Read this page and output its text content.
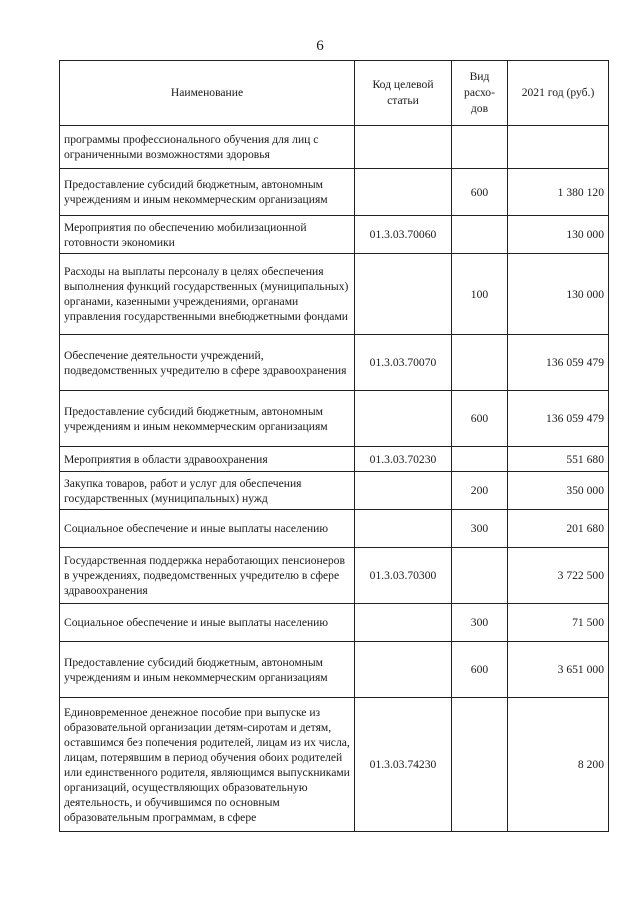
6
Наименование	Код целевой статьи	Вид расхо-дов	2021 год (руб.)
программы профессионального обучения для лиц с ограниченными возможностями здоровья			
Предоставление субсидий бюджетным, автономным учреждениям и иным некоммерческим организациям		600	1 380 120
Мероприятия по обеспечению мобилизационной готовности экономики	01.3.03.70060		130 000
Расходы на выплаты персоналу в целях обеспечения выполнения функций государственных (муниципальных) органами, казенными учреждениями, органами управления государственными внебюджетными фондами		100	130 000
Обеспечение деятельности учреждений, подведомственных учредителю в сфере здравоохранения	01.3.03.70070		136 059 479
Предоставление субсидий бюджетным, автономным учреждениям и иным некоммерческим организациям		600	136 059 479
Мероприятия в области здравоохранения	01.3.03.70230		551 680
Закупка товаров, работ и услуг для обеспечения государственных (муниципальных) нужд		200	350 000
Социальное обеспечение и иные выплаты населению		300	201 680
Государственная поддержка неработающих пенсионеров в учреждениях, подведомственных учредителю в сфере здравоохранения	01.3.03.70300		3 722 500
Социальное обеспечение и иные выплаты населению		300	71 500
Предоставление субсидий бюджетным, автономным учреждениям и иным некоммерческим организациям		600	3 651 000
Единовременное денежное пособие при выпуске из образовательной организации детям-сиротам и детям, оставшимся без попечения родителей, лицам из их числа, лицам, потерявшим в период обучения обоих родителей или единственного родителя, являющимся выпускниками организаций, осуществляющих образовательную деятельность, и обучившимся по основным образовательным программам, в сфере	01.3.03.74230		8 200
